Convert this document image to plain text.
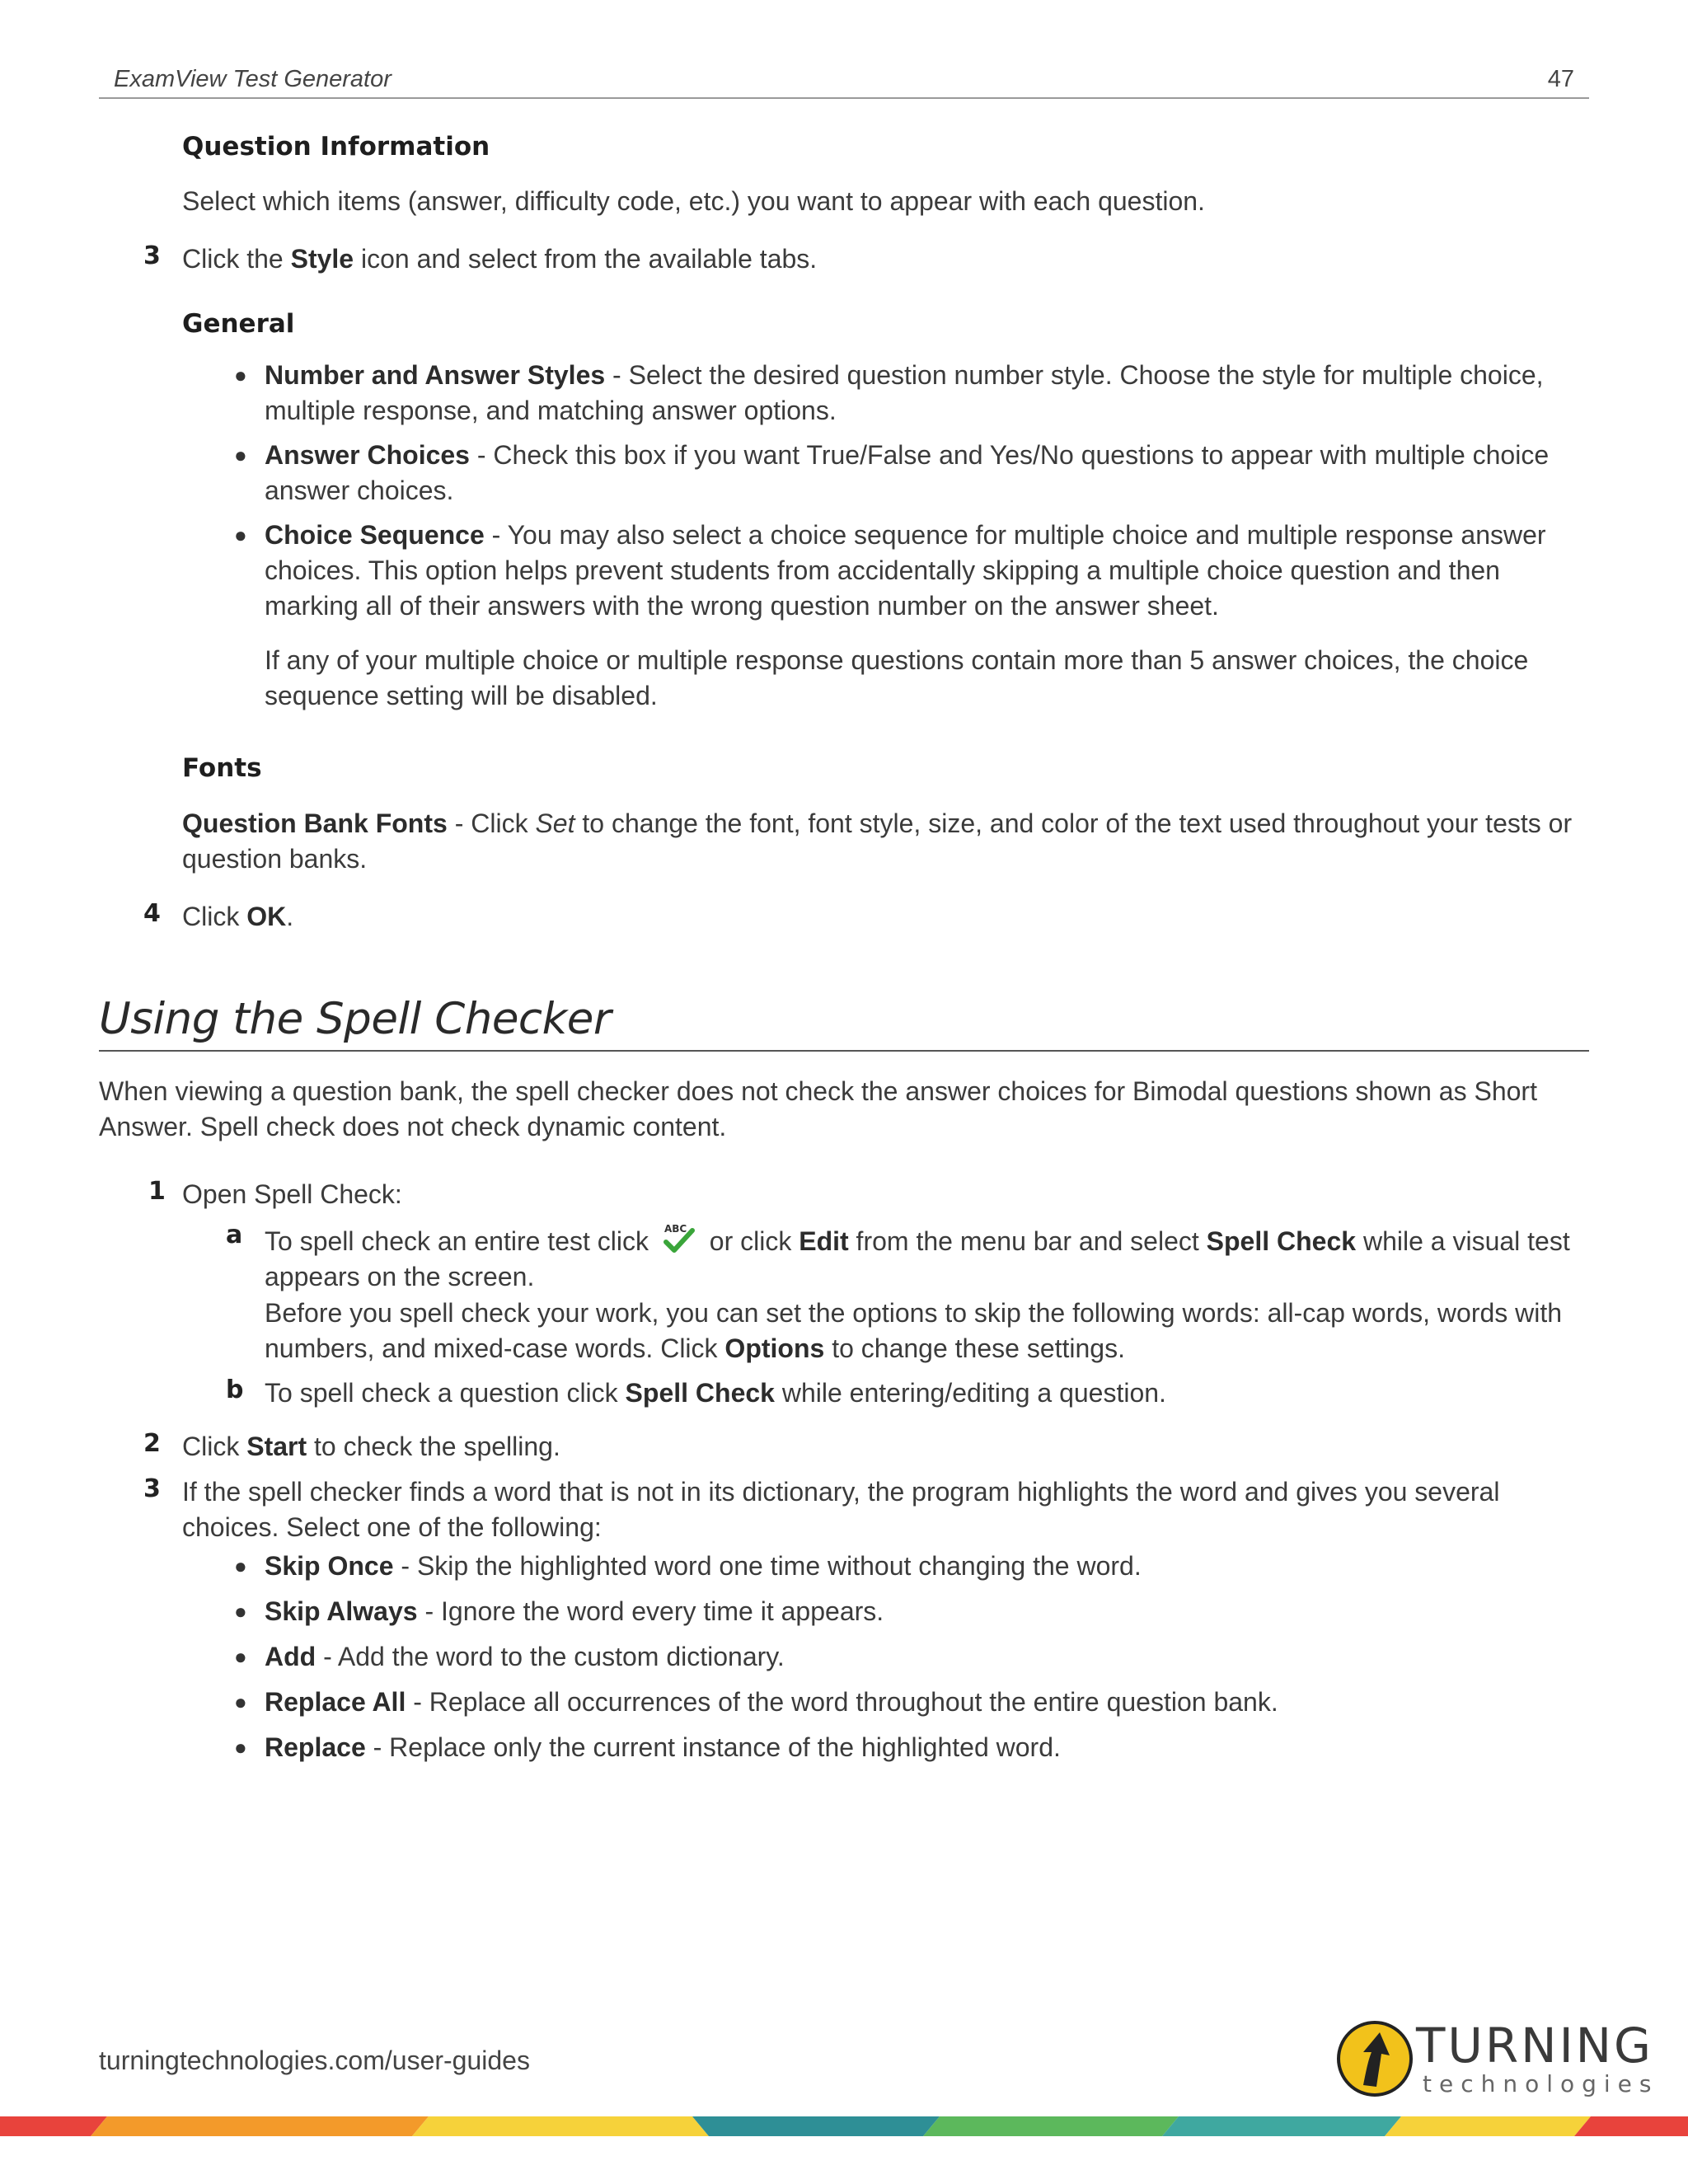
ExamView Test Generator	47
Question Information
Select which items (answer, difficulty code, etc.) you want to appear with each question.
3 Click the Style icon and select from the available tabs.
General
● Number and Answer Styles - Select the desired question number style. Choose the style for multiple choice,
multiple response, and matching answer options.
● Answer Choices - Check this box if you want True/False and Yes/No questions to appear with multiple choice
answer choices.
● Choice Sequence - You may also select a choice sequence for multiple choice and multiple response answer
choices. This option helps prevent students from accidentally skipping a multiple choice question and then
marking all of their answers with the wrong question number on the answer sheet.
If any of your multiple choice or multiple response questions contain more than 5 answer choices, the choice
sequence setting will be disabled.
Fonts
Question Bank Fonts - Click Set to change the font, font style, size, and color of the text used throughout your tests or
question banks.
4 Click OK.
Using the Spell Checker
When viewing a question bank, the spell checker does not check the answer choices for Bimodal questions shown as Short
Answer. Spell check does not check dynamic content.
1 Open Spell Check:
a To spell check an entire test click ABC or click Edit from the menu bar and select Spell Check while a visual test
appears on the screen.
Before you spell check your work, you can set the options to skip the following words: all-cap words, words with
numbers, and mixed-case words. Click Options to change these settings.
b To spell check a question click Spell Check while entering/editing a question.
2 Click Start to check the spelling.
3 If the spell checker finds a word that is not in its dictionary, the program highlights the word and gives you several
choices. Select one of the following:
● Skip Once - Skip the highlighted word one time without changing the word.
● Skip Always - Ignore the word every time it appears.
● Add - Add the word to the custom dictionary.
● Replace All - Replace all occurrences of the word throughout the entire question bank.
● Replace - Replace only the current instance of the highlighted word.
turningtechnologies.com/user-guides	TURNING
technologies
